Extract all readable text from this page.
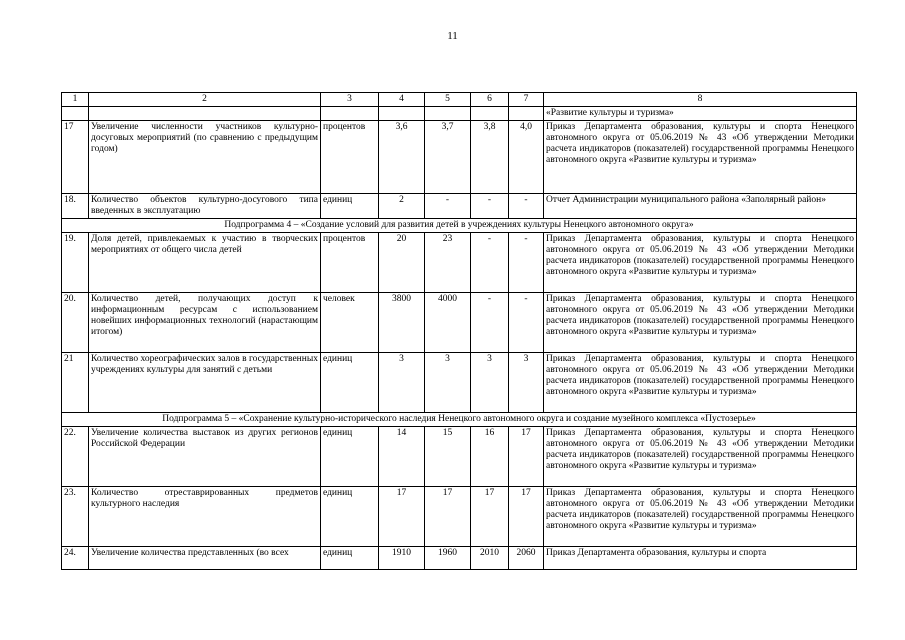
11
1	2	3	4	5	6	7	8
							«Развитие культуры и туризма»
17	Увеличение численности участников культурно-досуговых мероприятий (по сравнению с предыдущим годом)	процентов	3,6	3,7	3,8	4,0	Приказ Департамента образования, культуры и спорта Ненецкого автономного округа от 05.06.2019 № 43 «Об утверждении Методики расчета индикаторов (показателей) государственной программы Ненецкого автономного округа «Развитие культуры и туризма»
18.	Количество объектов культурно-досугового типа введенных в эксплуатацию	единиц	2	-	-	-	Отчет Администрации муниципального района «Заполярный район»
Подпрограмма 4 – «Создание условий для развития детей в учреждениях культуры Ненецкого автономного округа»							
19.	Доля детей, привлекаемых к участию в творческих мероприятиях от общего числа детей	процентов	20	23	-	-	Приказ Департамента образования, культуры и спорта Ненецкого автономного округа от 05.06.2019 № 43 «Об утверждении Методики расчета индикаторов (показателей) государственной программы Ненецкого автономного округа «Развитие культуры и туризма»
20.	Количество детей, получающих доступ к информационным ресурсам с использованием новейших информационных технологий (нарастающим итогом)	человек	3800	4000	-	-	Приказ Департамента образования, культуры и спорта Ненецкого автономного округа от 05.06.2019 № 43 «Об утверждении Методики расчета индикаторов (показателей) государственной программы Ненецкого автономного округа «Развитие культуры и туризма»
21	Количество хореографических залов в государственных учреждениях культуры для занятий с детьми	единиц	3	3	3	3	Приказ Департамента образования, культуры и спорта Ненецкого автономного округа от 05.06.2019 № 43 «Об утверждении Методики расчета индикаторов (показателей) государственной программы Ненецкого автономного округа «Развитие культуры и туризма»
Подпрограмма 5 – «Сохранение культурно-исторического наследия Ненецкого автономного округа и создание музейного комплекса «Пустозерье»							
22.	Увеличение количества выставок из других регионов Российской Федерации	единиц	14	15	16	17	Приказ Департамента образования, культуры и спорта Ненецкого автономного округа от 05.06.2019 № 43 «Об утверждении Методики расчета индикаторов (показателей) государственной программы Ненецкого автономного округа «Развитие культуры и туризма»
23.	Количество отреставрированных предметов культурного наследия	единиц	17	17	17	17	Приказ Департамента образования, культуры и спорта Ненецкого автономного округа от 05.06.2019 № 43 «Об утверждении Методики расчета индикаторов (показателей) государственной программы Ненецкого автономного округа «Развитие культуры и туризма»
24.	Увеличение количества представленных (во всех	единиц	1910	1960	2010	2060	Приказ Департамента образования, культуры и спорта
